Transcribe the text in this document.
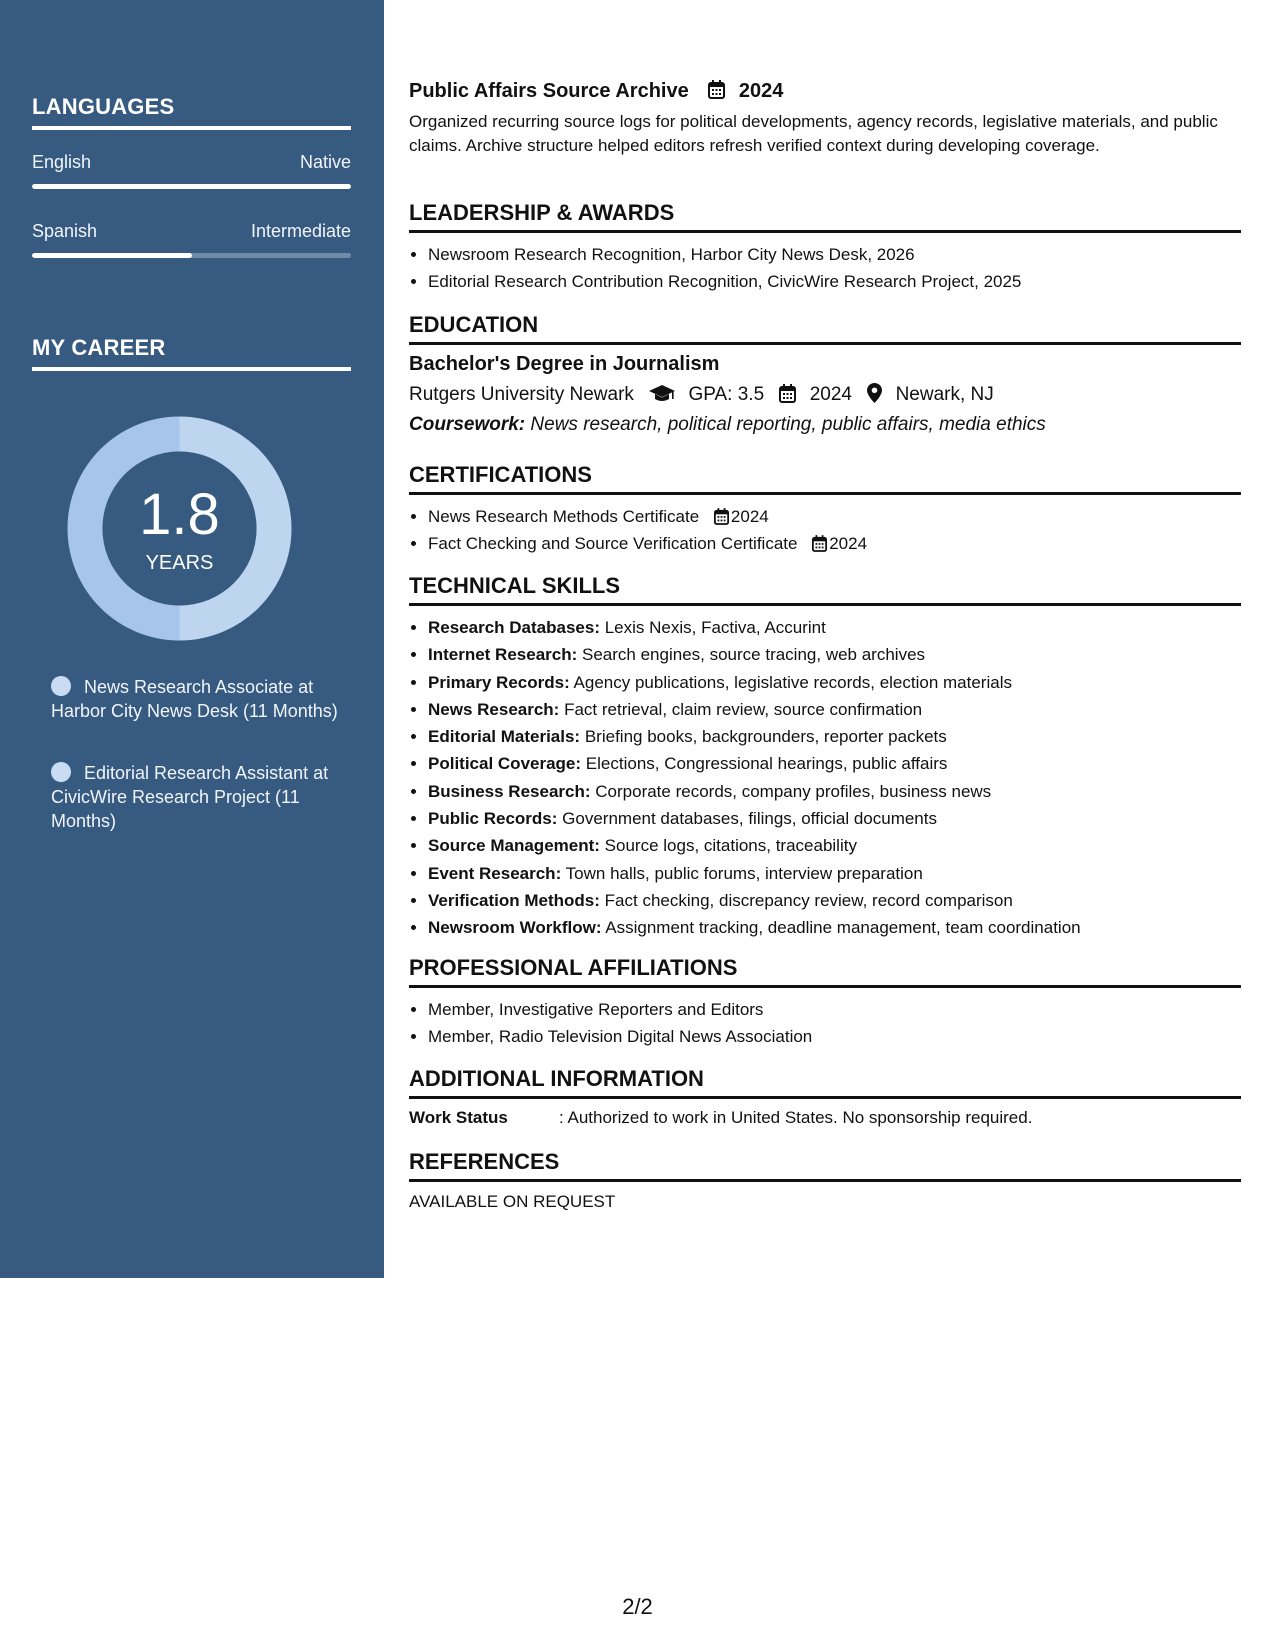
LANGUAGES
English	Native
Spanish	Intermediate
MY CAREER
1.8
YEARS
News Research Associate at Harbor City News Desk (11 Months)
Editorial Research Assistant at CivicWire Research Project (11 Months)
Public Affairs Source Archive	2024
Organized recurring source logs for political developments, agency records, legislative materials, and public claims. Archive structure helped editors refresh verified context during developing coverage.
LEADERSHIP & AWARDS
• Newsroom Research Recognition, Harbor City News Desk, 2026
• Editorial Research Contribution Recognition, CivicWire Research Project, 2025
EDUCATION
Bachelor's Degree in Journalism
Rutgers University Newark	GPA: 3.5 2024 Newark, NJ
Coursework: News research, political reporting, public affairs, media ethics
CERTIFICATIONS
• News Research Methods Certificate 2024
• Fact Checking and Source Verification Certificate 2024
TECHNICAL SKILLS
• Research Databases: Lexis Nexis, Factiva, Accurint
• Internet Research: Search engines, source tracing, web archives
• Primary Records: Agency publications, legislative records, election materials
• News Research: Fact retrieval, claim review, source confirmation
• Editorial Materials: Briefing books, backgrounders, reporter packets
• Political Coverage: Elections, Congressional hearings, public affairs
• Business Research: Corporate records, company profiles, business news
• Public Records: Government databases, filings, official documents
• Source Management: Source logs, citations, traceability
• Event Research: Town halls, public forums, interview preparation
• Verification Methods: Fact checking, discrepancy review, record comparison
• Newsroom Workflow: Assignment tracking, deadline management, team coordination
PROFESSIONAL AFFILIATIONS
• Member, Investigative Reporters and Editors
• Member, Radio Television Digital News Association
ADDITIONAL INFORMATION
Work Status	: Authorized to work in United States. No sponsorship required.
REFERENCES
AVAILABLE ON REQUEST
2/2
